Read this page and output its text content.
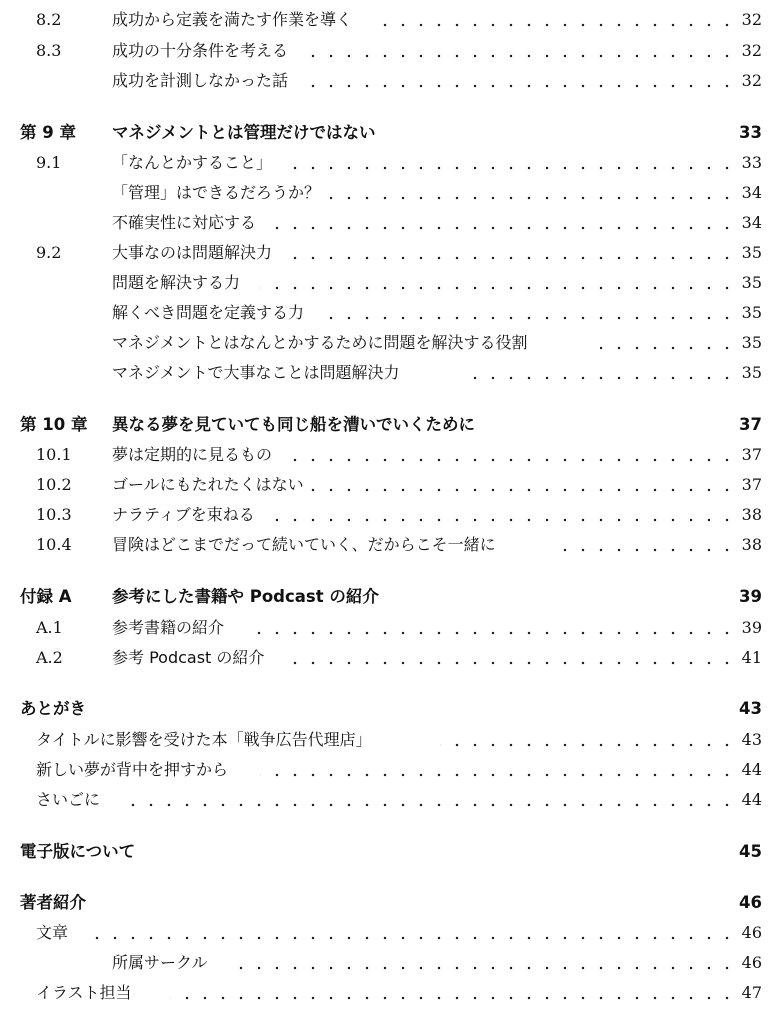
8.2	成功から定義を満たす作業を導く	32
8.3	成功の十分条件を考える	32
成功を計測しなかった話	32
第 9 章 マネジメントとは管理だけではない	33
9.1	「なんとかすること」	33
「管理」はできるだろうか？	34
不確実性に対応する	34
9.2	大事なのは問題解決力	35
問題を解決する力	35
解くべき問題を定義する力	35
マネジメントとはなんとかするために問題を解決する役割	35
マネジメントで大事なことは問題解決力	35
第 10 章 異なる夢を見ていても同じ船を漕いでいくために	37
10.1	夢は定期的に見るもの	37
10.2	ゴールにもたれたくはない	37
10.3	ナラティブを束ねる	38
10.4	冒険はどこまでだって続いていく、だからこそ一緒に	38
付録 A 参考にした書籍や Podcast の紹介	39
A.1	参考書籍の紹介	39
A.2	参考 Podcast の紹介	41
あとがき	43
タイトルに影響を受けた本「戦争広告代理店」	43
新しい夢が背中を押すから	44
さいごに	44
電子版について	45
著者紹介	46
文章	46
所属サークル	46
イラスト担当	47
